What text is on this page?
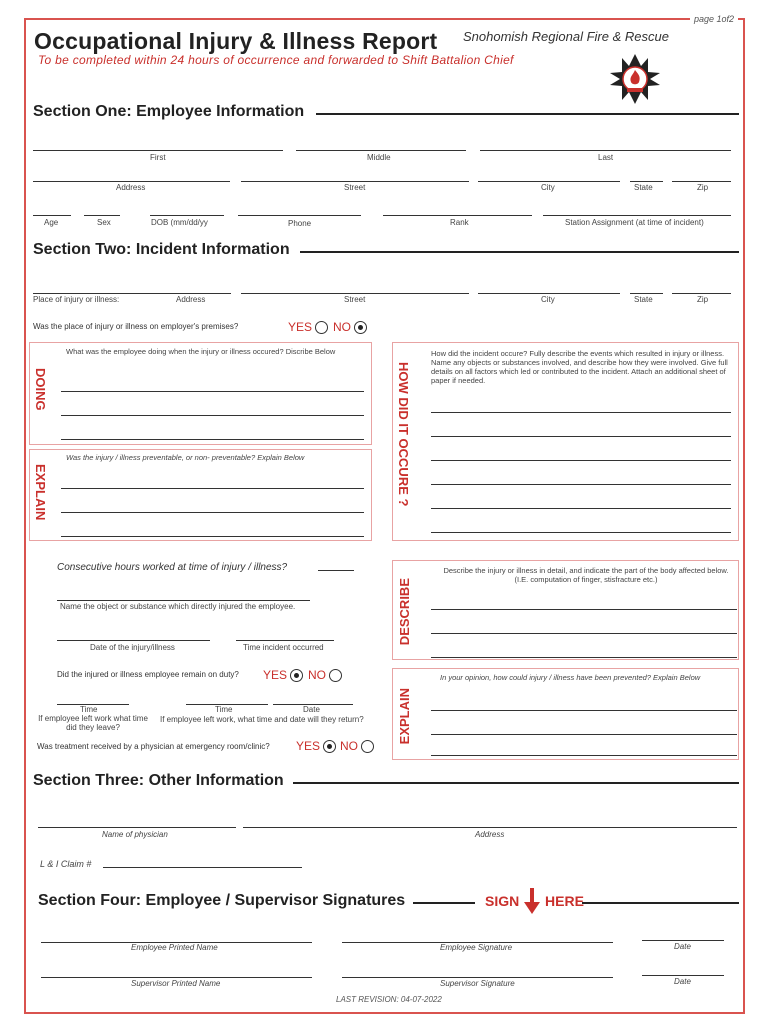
page 1of2
Occupational Injury & Illness Report Snohomish Regional Fire & Rescue
To be completed within 24 hours of occurrence and forwarded to Shift Battalion Chief
Section One: Employee Information
First	Middle	Last
Address	Street	City	State	Zip
Age	Sex	DOB (mm/dd/yy	Phone	Rank	Station Assignment (at time of incident)
Section Two: Incident Information
Place of injury or illness:	Address	Street	City	State	Zip
Was the place of injury or illness on employer's premises?	YES NO
DOING
What was the employee doing when the injury or illness occured? Discribe Below
EXPLAIN
Was the injury / illness preventable, or non- preventable? Explain Below	HOW DID IT OCCURE ?
How did the incident occure? Fully describe the events which resulted in injury or illness. Name any objects or substances involved, and describe how they were involved. Give full details on all factors which led or contributed to the incident. Attach an additional sheet of paper if needed.
Consecutive hours worked at time of injury / illness?
Name the object or substance which directly injured the employee.
Date of the injury/illness	Time incident occurred
DESCRIBE
Describe the injury or illness in detail, and indicate the part of the body affected below. (I.E. computation of finger, stisfracture etc.)
Did the injured or illness employee remain on duty? YES NO
Time
If employee left work what time did they leave?
Time	Date
If employee left work, what time and date will they return?
Was treatment received by a physician at emergency room/clinic? YES NO
EXPLAIN
In your opinion, how could injury / illness have been prevented? Explain Below
Section Three: Other Information
Name of physician	Address
L & I Claim #
Section Four: Employee / Supervisor Signatures	SIGN HERE
Employee Printed Name	Employee Signature	Date
Supervisor Printed Name	Supervisor Signature	Date
LAST REVISION: 04-07-2022
